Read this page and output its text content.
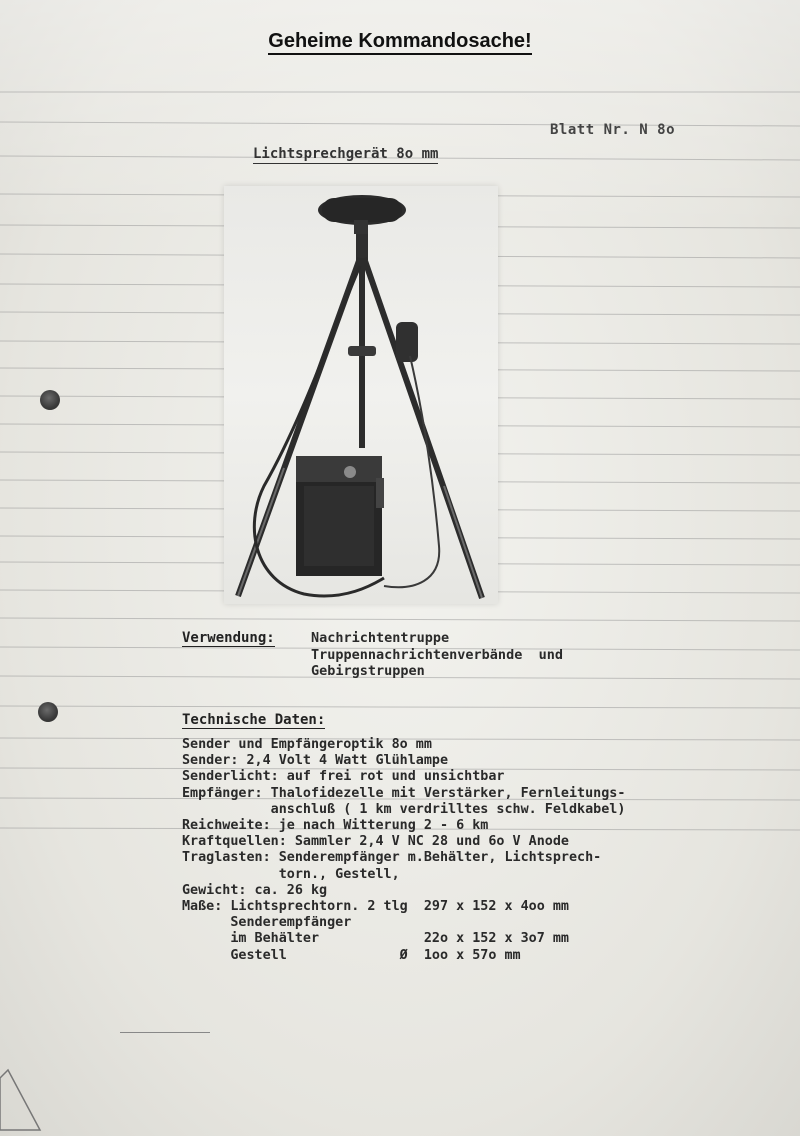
Geheime Kommandosache!
Blatt Nr. N 8o
Lichtsprechgerät 8o mm
Verwendung:	Nachrichtentruppe
Truppennachrichtenverbände  und
Gebirgstruppen
Technische Daten:
Sender und Empfängeroptik 8o mm
Sender: 2,4 Volt 4 Watt Glühlampe
Senderlicht: auf frei rot und unsichtbar
Empfänger: Thalofidezelle mit Verstärker, Fernleitungs-
anschluß ( 1 km verdrilltes schw. Feldkabel)
Reichweite: je nach Witterung 2 - 6 km
Kraftquellen: Sammler 2,4 V NC 28 und 6o V Anode
Traglasten: Senderempfänger m.Behälter, Lichtsprech-
torn., Gestell,
Gewicht: ca. 26 kg
Maße: Lichtsprechtorn. 2 tlg  297 x 152 x 4oo mm
Senderempfänger
im Behälter             22o x 152 x 3o7 mm
Gestell              Ø  1oo x 57o mm
